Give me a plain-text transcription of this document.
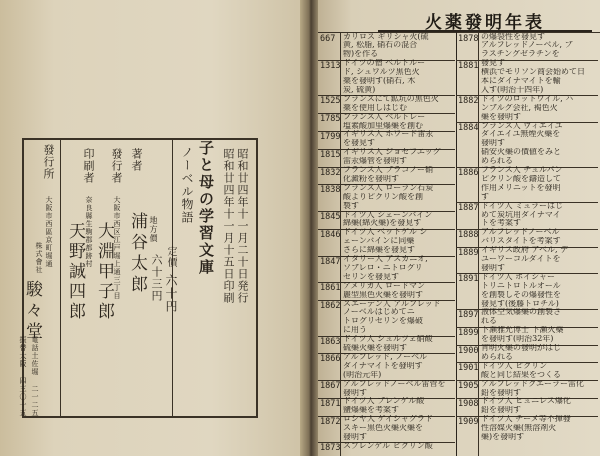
子と母の学習文庫 昭和廿四年十一月十五日印刷 昭和廿四年十一月二十日発行
ノーベル物語
定價
六十円
地方價
六十三円
著者
浦谷太郎
發行者
大阪市西区江戸堀上通三丁目
大淵甲子郎
印刷者
奈良縣生駒郡都跡村
天野誠四郎
發行所
大阪市西區京町堀通
株式會社
駿々堂
電話土佐堀 二一二五
振替大阪 四三〇一五
火薬發明年表
667 カリロス ギリシャ火(硫
黄, 松脂, 硝石の混合
物)を作る
1313 ドイツの僧 ベルトルー
ド, シュワルツ黒色火
薬を發明す(硝石, 木
炭, 硫黄)
1525 フランスにて鉱坑の黒色火
薬を使用しはじむ
1785 フランス人 ベルトレー
塩素酸加里爆藥を創む
1799 イギリス人 ホワード雷汞
を發見す
1815 イギリス人 ジョセフエッグ
雷汞爆管を發明す
1832 フランス人 ブラコノー硝
化澱粉を發明す
1838 フランス人 ローラン石炭
酸よりピクリン酸を創
製す
1845 ドイツ人 シェーンバイン
綿藥(綿火藥)を發見す
1846 ドイツ人 ベットゲル シ
ェーンバインに同藥
さらに綿藥を發見す
1847 イタリー人 アスカニオ,
ソブレロ・ニトログリ
セリンを發見す
1861 アメリカ人 ロードマン
麗型黒色火藥を發明す
1862 スエーデン人 アルフレッド
ノーベルはじめてニ
トログリセリンを爆破
に用う
1863 ドイツ人 シュルツェ硝酸
硫藥火藥を發明す
1866 アルフレッド, ノーベル
ダイナマイトを發明す
(明治元年)
1867 アルフレッドノーベル雷管を
發明す
1871 ドイツ人 ブレンゲル酸
鹽爆藥を考案す
1872 ロシヤ人 ゲイシャグラド
スキー黒色火藥火藥を
發明す
1873 スプレンゲル ピクリン酸
1878 の爆裂性を發見す
アルフレッドノーベル, ブ
ラスチングゼラチンを
1881 發見す
横浜でモリソン商会始めて日
本にダイナマイトを輸
入す(明治十四年)
1882 ドイツのロットワイル, ハ
ンブルグ会社, 褐色火
藥を發明す
1884 フランス人 ヴィエイユ
ダイエイユ無煙火藥を
發明す
硝安火藥の價値をみと
められる
1886 フランス人 チュルパン
ピクリン酸を鑄造して
作用メリニットを發明
す
1887 ドイツ人 ミュラーはじ
めて炭坑用ダイナマイ
トを考案す
1888 アルフレッドノーベル
バリスタイトを考案す
1889 イギリス政府 アベル, デ
ユーワーコルダイトを
發明す
1891 ドイツ人 ホイシャー
トリニトロトルオール
を創製しその爆發性を
發見す(後藤トロチル)
1897 液体空気爆藥の創製さ
れる
1899 下瀬雅允博士 下瀬火藥
を發明す(明治32年)
1900 宵明火藥の發明がはじ
められる
1901 ドイツ人 ピクリン
酸と同じ結果をつくる
1905 アルフレッドクエーラー雷化
鉛を發明す
1908 ドイツ人 ヒュニレス爆化
鉛を發明す
1909 ドイツ人 チーメ等不揮發
性溶媒火藥(無溶剤火
藥)を發明す
